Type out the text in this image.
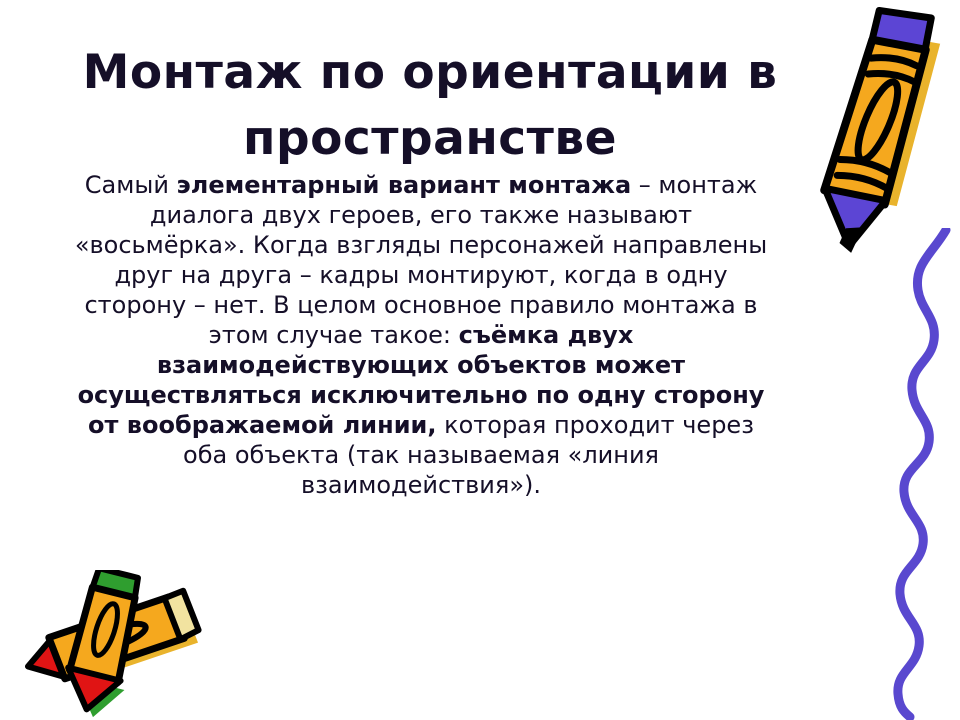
Монтаж по ориентации в
пространстве

Самый элементарный вариант монтажа – монтаж диалога двух героев, его также называют «восьмёрка». Когда взгляды персонажей направлены друг на друга – кадры монтируют, когда в одну сторону – нет. В целом основное правило монтажа в этом случае такое: съёмка двух взаимодействующих объектов может осуществляться исключительно по одну сторону от воображаемой линии, которая проходит через оба объекта (так называемая «линия взаимодействия»).
